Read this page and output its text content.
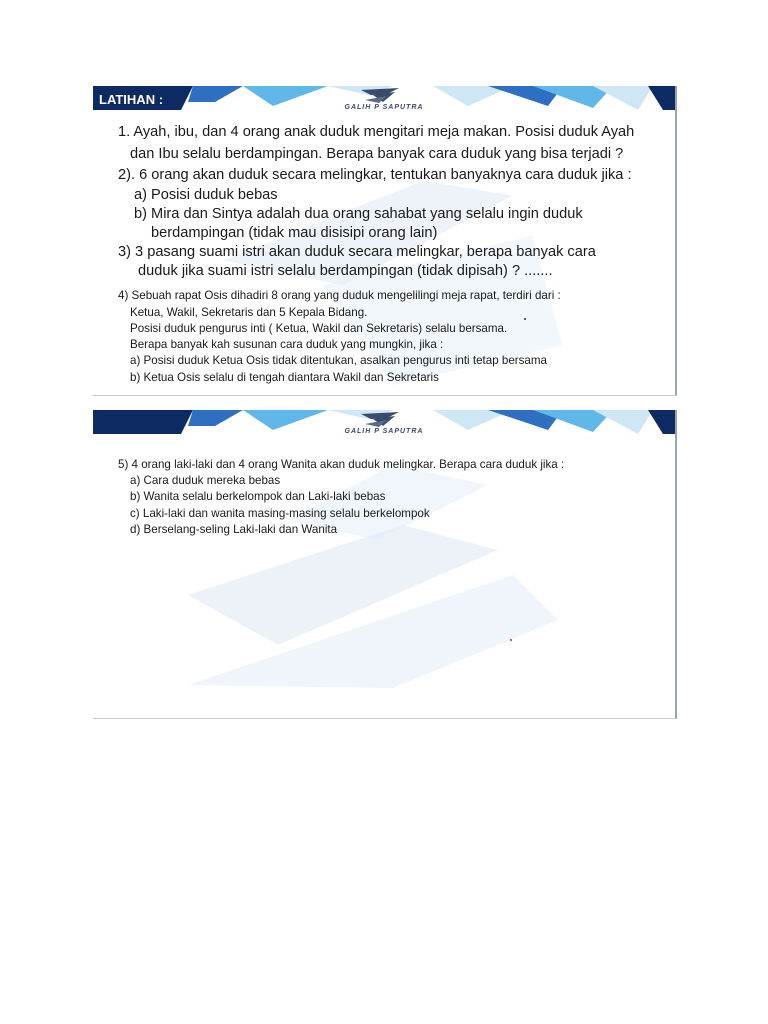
GALIH P SAPUTRA
LATIHAN :
1. Ayah, ibu, dan 4 orang anak duduk mengitari meja makan. Posisi duduk Ayah
dan Ibu selalu berdampingan. Berapa banyak cara duduk yang bisa terjadi ?
2). 6 orang akan duduk secara melingkar, tentukan banyaknya cara duduk jika :
a) Posisi duduk bebas
b) Mira dan Sintya adalah dua orang sahabat yang selalu ingin duduk
berdampingan (tidak mau disisipi orang lain)
3) 3 pasang suami istri akan duduk secara melingkar, berapa banyak cara
duduk jika suami istri selalu berdampingan (tidak dipisah) ? .......
4) Sebuah rapat Osis dihadiri 8 orang yang duduk mengelilingi meja rapat, terdiri dari :
Ketua, Wakil, Sekretaris dan 5 Kepala Bidang.
Posisi duduk pengurus inti ( Ketua, Wakil dan Sekretaris) selalu bersama.
Berapa banyak kah susunan cara duduk yang mungkin, jika :
a) Posisi duduk Ketua Osis tidak ditentukan, asalkan pengurus inti tetap bersama
b) Ketua Osis selalu di tengah diantara Wakil dan Sekretaris
GALIH P SAPUTRA
5) 4 orang laki-laki dan 4 orang Wanita akan duduk melingkar. Berapa cara duduk jika :
a) Cara duduk mereka bebas
b) Wanita selalu berkelompok dan Laki-laki bebas
c) Laki-laki dan wanita masing-masing selalu berkelompok
d) Berselang-seling Laki-laki dan Wanita
